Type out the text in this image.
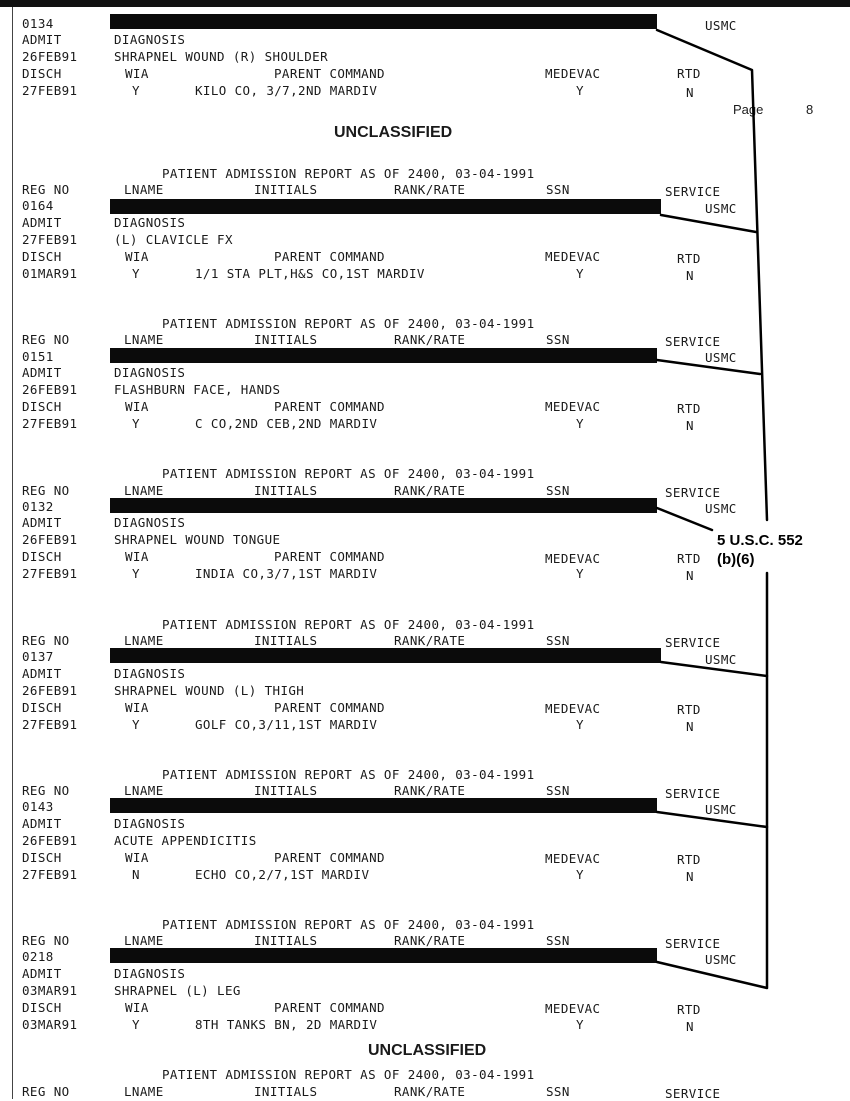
0134	USMC
ADMIT	DIAGNOSIS
26FEB91	SHRAPNEL WOUND (R) SHOULDER
DISCH	WIA	PARENT COMMAND	MEDEVAC	RTD
27FEB91	Y	KILO CO, 3/7,2ND MARDIV	Y	N
Page	8
UNCLASSIFIED
PATIENT ADMISSION REPORT AS OF 2400, 03-04-1991
REG NO	LNAME	INITIALS	RANK/RATE	SSN	SERVICE
0164	USMC
ADMIT	DIAGNOSIS
27FEB91	(L) CLAVICLE FX
DISCH	WIA	PARENT COMMAND	MEDEVAC	RTD
01MAR91	Y	1/1 STA PLT,H&S CO,1ST MARDIV	Y	N
PATIENT ADMISSION REPORT AS OF 2400, 03-04-1991
REG NO	LNAME	INITIALS	RANK/RATE	SSN	SERVICE
0151	USMC
ADMIT	DIAGNOSIS
26FEB91	FLASHBURN FACE, HANDS
DISCH	WIA	PARENT COMMAND	MEDEVAC	RTD
27FEB91	Y	C CO,2ND CEB,2ND MARDIV	Y	N
PATIENT ADMISSION REPORT AS OF 2400, 03-04-1991
REG NO	LNAME	INITIALS	RANK/RATE	SSN	SERVICE
0132	USMC
ADMIT	DIAGNOSIS
26FEB91	SHRAPNEL WOUND TONGUE
DISCH	WIA	PARENT COMMAND	MEDEVAC	RTD
27FEB91	Y	INDIA CO,3/7,1ST MARDIV	Y	N
PATIENT ADMISSION REPORT AS OF 2400, 03-04-1991
REG NO	LNAME	INITIALS	RANK/RATE	SSN	SERVICE
0137	USMC
ADMIT	DIAGNOSIS
26FEB91	SHRAPNEL WOUND (L) THIGH
DISCH	WIA	PARENT COMMAND	MEDEVAC	RTD
27FEB91	Y	GOLF CO,3/11,1ST MARDIV	Y	N
PATIENT ADMISSION REPORT AS OF 2400, 03-04-1991
REG NO	LNAME	INITIALS	RANK/RATE	SSN	SERVICE
0143	USMC
ADMIT	DIAGNOSIS
26FEB91	ACUTE APPENDICITIS
DISCH	WIA	PARENT COMMAND	MEDEVAC	RTD
27FEB91	N	ECHO CO,2/7,1ST MARDIV	Y	N
PATIENT ADMISSION REPORT AS OF 2400, 03-04-1991
REG NO	LNAME	INITIALS	RANK/RATE	SSN	SERVICE
0218	USMC
ADMIT	DIAGNOSIS
03MAR91	SHRAPNEL (L) LEG
DISCH	WIA	PARENT COMMAND	MEDEVAC	RTD
03MAR91	Y	8TH TANKS BN, 2D MARDIV	Y	N
UNCLASSIFIED
PATIENT ADMISSION REPORT AS OF 2400, 03-04-1991
REG NO	LNAME	INITIALS	RANK/RATE	SSN	SERVICE
5 U.S.C. 552
(b)(6)
